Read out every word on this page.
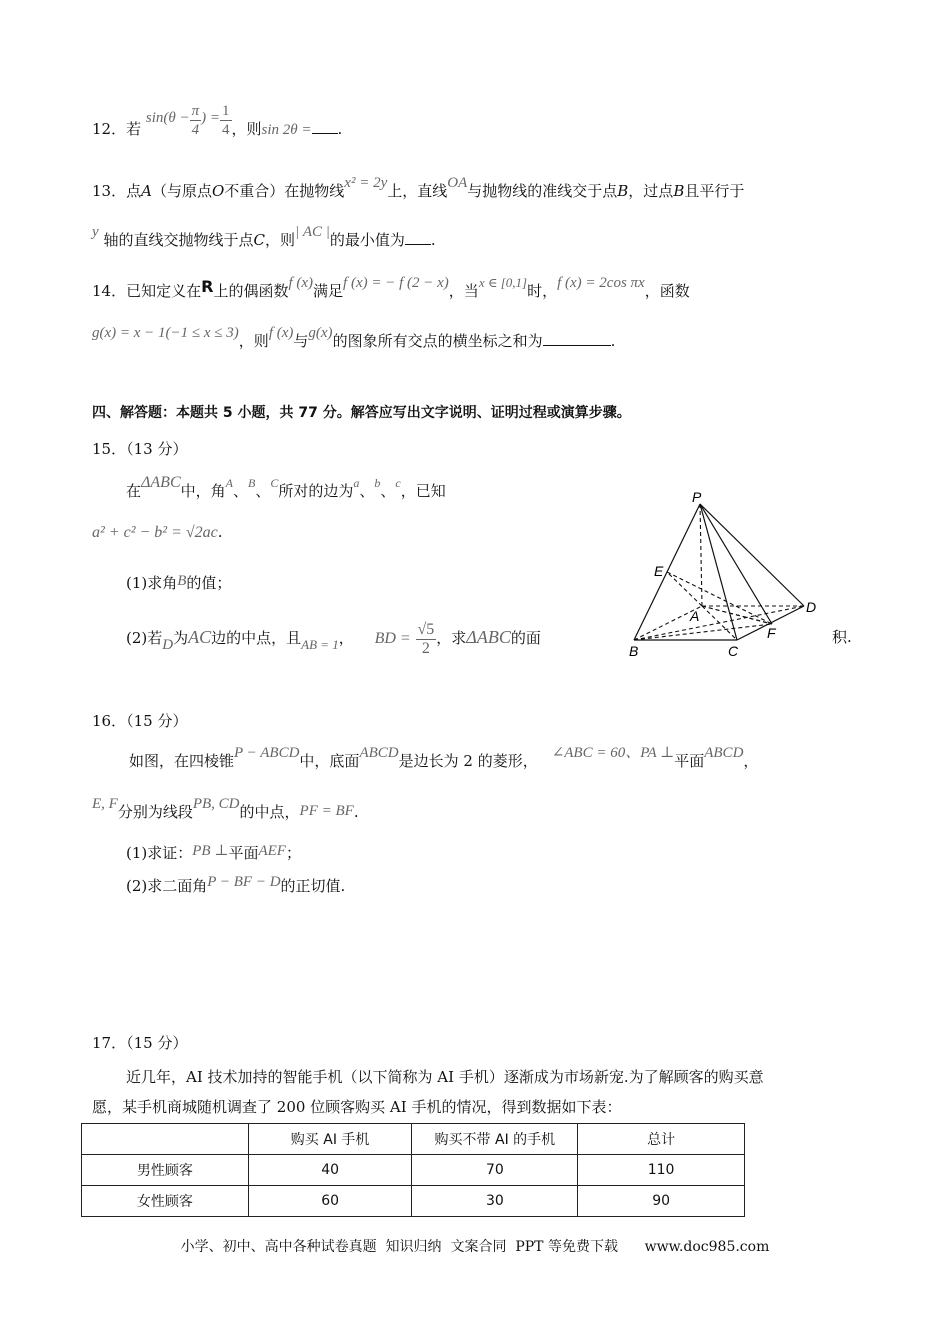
12．若 $\sin(\theta - \frac{\pi}{4}$ ) = $\frac{1}{4}$ ，则sin 2θ = .
13．点A（与原点O不重合）在抛物线x² = 2y上，直线OA与抛物线的准线交于点B，过点B且平行于
y 轴的直线交抛物线于点C，则| AC |的最小值为 .
14．已知定义在R上的偶函数f (x)满足f (x) = − f (2 − x)，当x ∈ [0,1]时，f (x) = 2cos πx，函数
g(x) = x − 1(−1 ≤ x ≤ 3)，则f (x)与g(x)的图象所有交点的横坐标之和为	.
四、解答题：本题共 5 小题，共 77 分。解答应写出文字说明、证明过程或演算步骤。
15．（13 分）
在ΔABC中，角$^A$、$^B$、$^C$所对的边为$^a$、$^b$、$^c$，已知
a² + c² − b² = √2ac.
(1)求角B的值；
(2)若D为AC边的中点，且AB = 1， BD = $\frac{√5}{2}$ ，求ΔABC的面	积.
P
E
A
D
F
B	C
16．（15 分）
如图，在四棱锥P − ABCD中，底面ABCD是边长为 2 的菱形， ∠ABC = 60、PA ⊥平面ABCD，
E, F分别为线段PB, CD的中点，PF = BF.
(1)求证：PB ⊥平面AEF；
(2)求二面角P − BF − D的正切值.
17．（15 分）
近几年，AI 技术加持的智能手机（以下简称为 AI 手机）逐渐成为市场新宠.为了解顾客的购买意
愿，某手机商城随机调查了 200 位顾客购买 AI 手机的情况，得到数据如下表：
	购买 AI 手机	购买不带 AI 的手机	总计
男性顾客	40	70	110
女性顾客	60	30	90
小学、初中、高中各种试卷真题  知识归纳  文案合同  PPT 等免费下载      www.doc985.com
